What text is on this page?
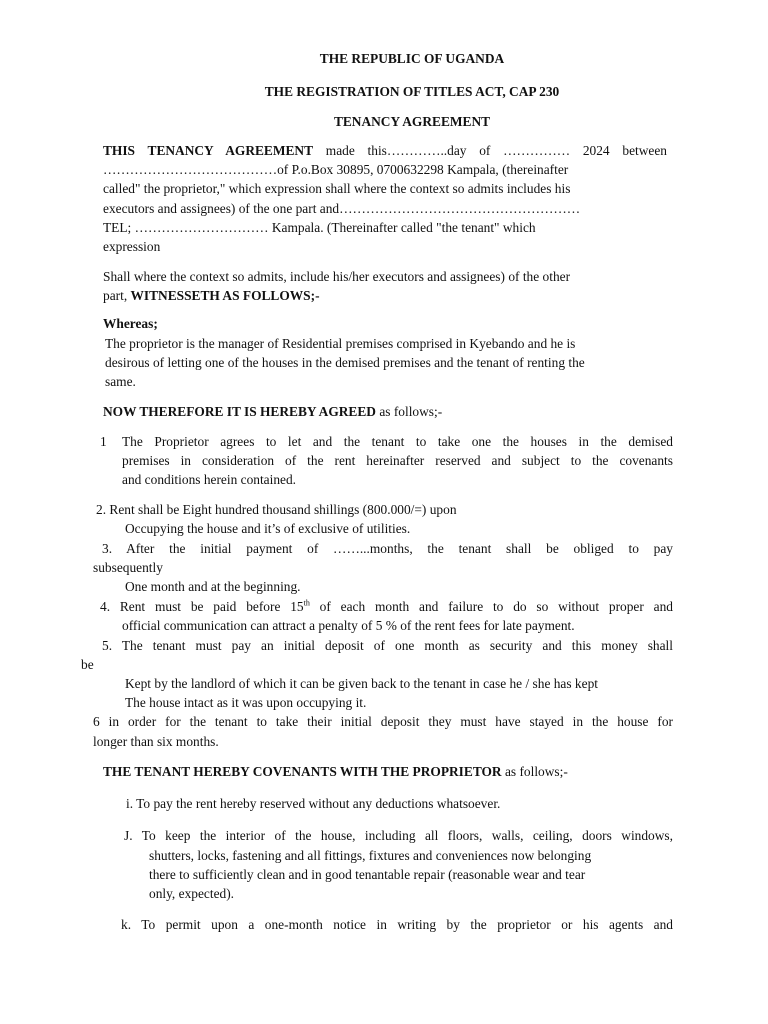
THE REPUBLIC OF UGANDA
THE REGISTRATION OF TITLES ACT, CAP 230
TENANCY AGREEMENT
THIS TENANCY AGREEMENT made this…………..day of …………… 2024 between
…………………………………of P.o.Box 30895, 0700632298 Kampala, (thereinafter
called" the proprietor," which expression shall where the context so admits includes his
executors and assignees) of the one part and………………………………………………
TEL; ………………………… Kampala. (Thereinafter called "the tenant" which
expression
Shall where the context so admits, include his/her executors and assignees) of the other
part, WITNESSETH AS FOLLOWS;-
Whereas;
The proprietor is the manager of Residential premises comprised in Kyebando and he is
desirous of letting one of the houses in the demised premises and the tenant of renting the
same.
NOW THEREFORE IT IS HEREBY AGREED as follows;-
1 The Proprietor agrees to let and the tenant to take one the houses in the demised
premises in consideration of the rent hereinafter reserved and subject to the covenants
and conditions herein contained.
2. Rent shall be Eight hundred thousand shillings (800.000/=) upon
Occupying the house and it’s of exclusive of utilities.
3. After the initial payment of ……...months, the tenant shall be obliged to pay
subsequently
One month and at the beginning.
4. Rent must be paid before 15th of each month and failure to do so without proper and
official communication can attract a penalty of 5 % of the rent fees for late payment.
5. The tenant must pay an initial deposit of one month as security and this money shall
be
Kept by the landlord of which it can be given back to the tenant in case he / she has kept
The house intact as it was upon occupying it.
6 in order for the tenant to take their initial deposit they must have stayed in the house for
longer than six months.
THE TENANT HEREBY COVENANTS WITH THE PROPRIETOR as follows;-
i. To pay the rent hereby reserved without any deductions whatsoever.
J. To keep the interior of the house, including all floors, walls, ceiling, doors windows,
shutters, locks, fastening and all fittings, fixtures and conveniences now belonging
there to sufficiently clean and in good tenantable repair (reasonable wear and tear
only, expected).
k. To permit upon a one-month notice in writing by the proprietor or his agents and
